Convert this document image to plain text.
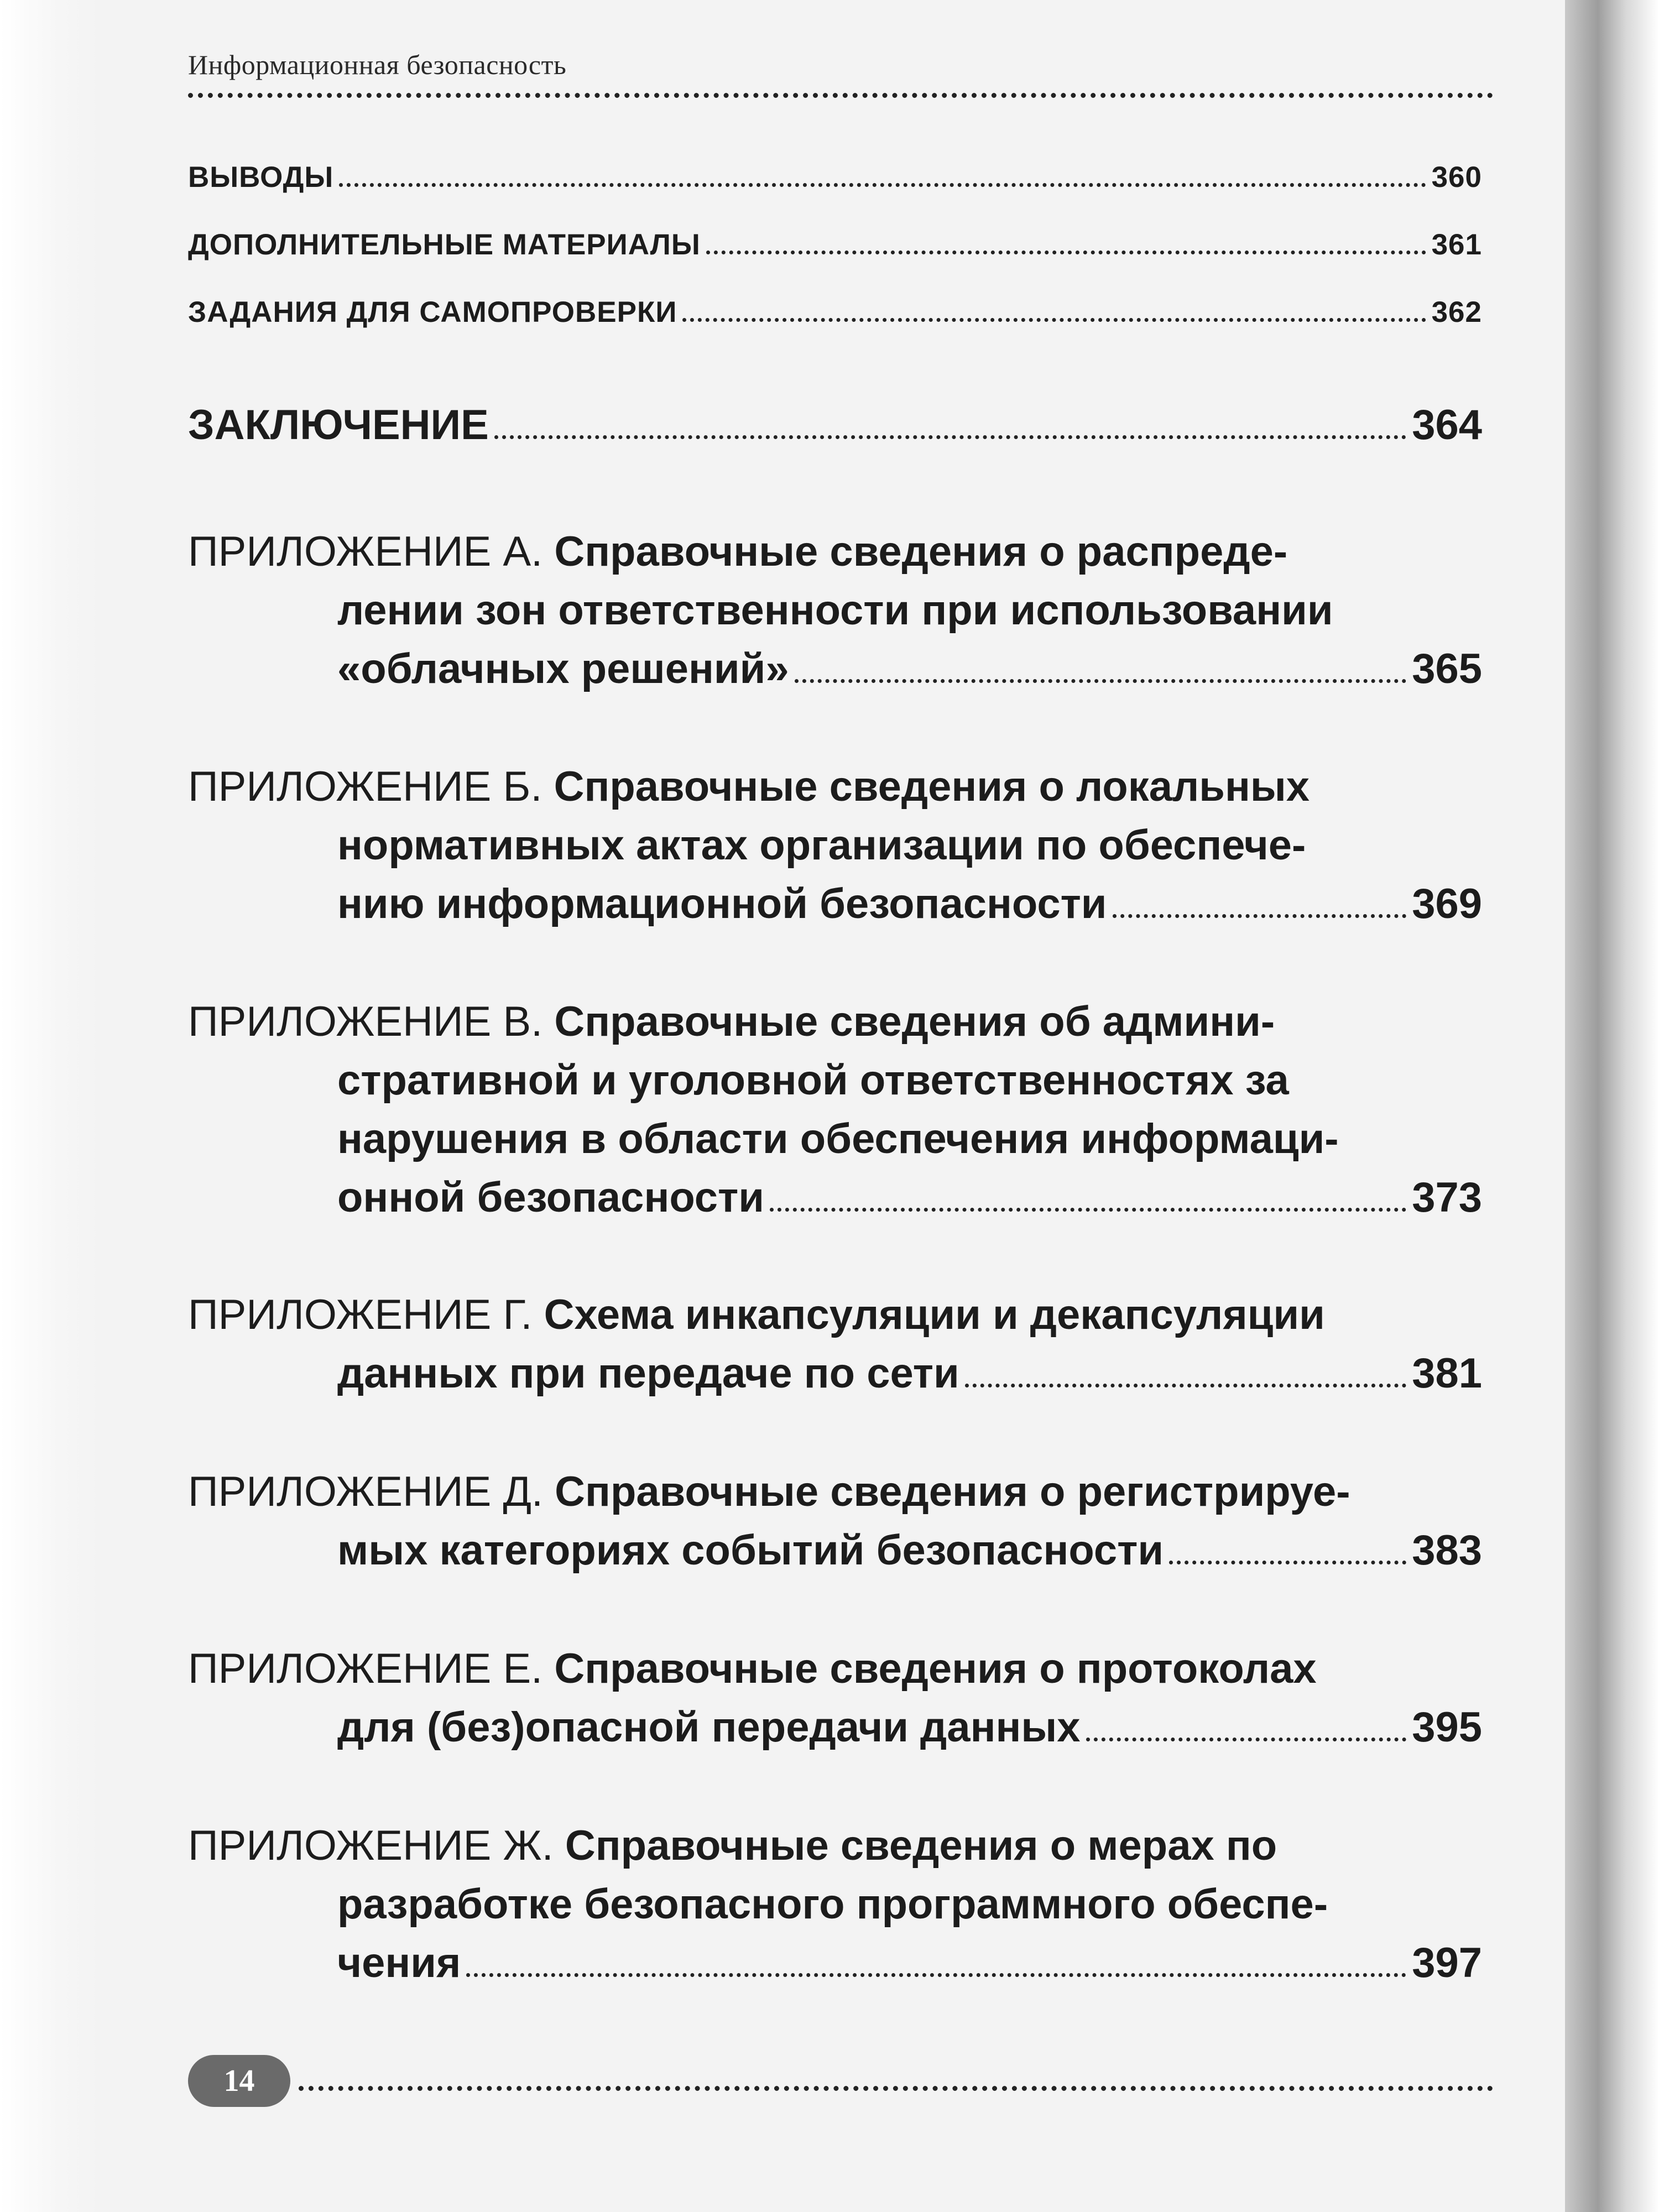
Информационная безопасность
ВЫВОДЫ	360
ДОПОЛНИТЕЛЬНЫЕ МАТЕРИАЛЫ	361
ЗАДАНИЯ ДЛЯ САМОПРОВЕРКИ	362
ЗАКЛЮЧЕНИЕ	364
ПРИЛОЖЕНИЕ А.
Справочные сведения о распреде-
лении зон ответственности при использовании
«облачных решений»	365
ПРИЛОЖЕНИЕ Б.
Справочные сведения о локальных
нормативных актах организации по обеспече-
нию информационной безопасности	369
ПРИЛОЖЕНИЕ В.
Справочные сведения об админи-
стративной и уголовной ответственностях за
нарушения в области обеспечения информаци-
онной безопасности	373
ПРИЛОЖЕНИЕ Г.
Схема инкапсуляции и декапсуляции
данных при передаче по сети	381
ПРИЛОЖЕНИЕ Д.
Справочные сведения о регистрируе-
мых категориях событий безопасности	383
ПРИЛОЖЕНИЕ Е.
Справочные сведения о протоколах
для (без)опасной передачи данных	395
ПРИЛОЖЕНИЕ Ж.
Справочные сведения о мерах по
разработке безопасного программного обеспе-
чения	397
14
